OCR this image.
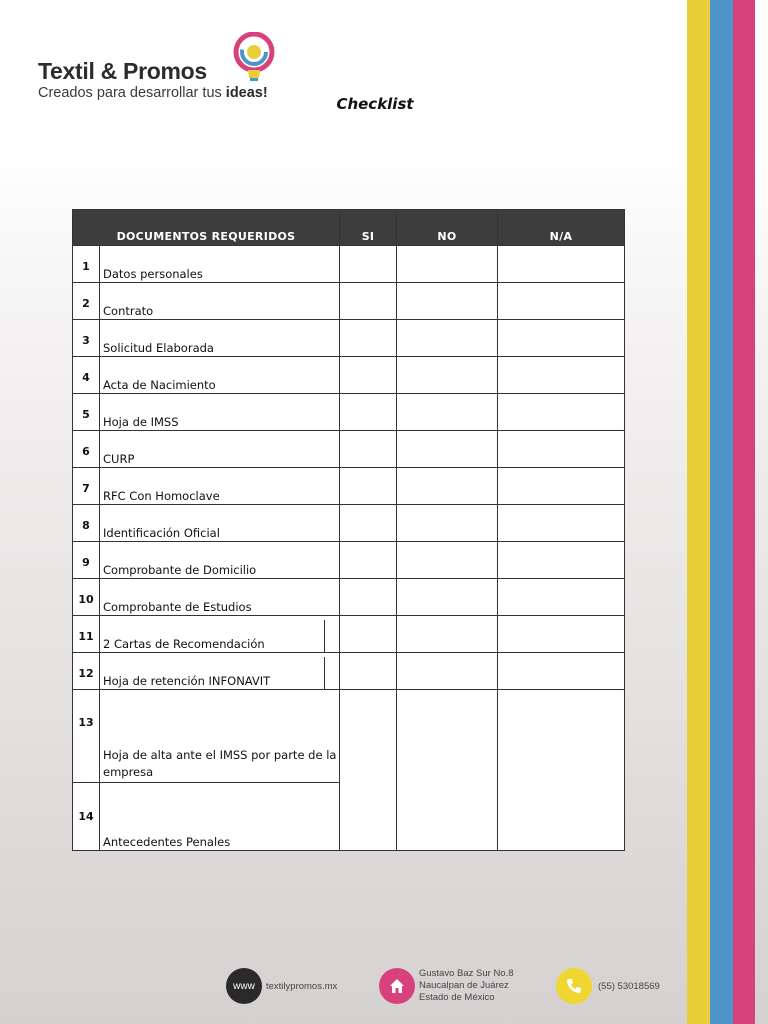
Textil & Promos
Creados para desarrollar tus ideas!
Checklist
DOCUMENTOS REQUERIDOS		SI	NO	N/A
1	Datos personales			
2	Contrato			
3	Solicitud Elaborada			
4	Acta de Nacimiento			
5	Hoja de IMSS			
6	CURP			
7	RFC Con Homoclave			
8	Identificación Oficial			
9	Comprobante de Domicilio			
10	Comprobante de Estudios			
11	2 Cartas de Recomendación			

12	Hoja de retención INFONAVIT			

13	Hoja de alta ante el IMSS por parte de la empresa			
14	Antecedentes Penales			
www	textilypromos.mx
Gustavo Baz Sur No.8
Naucalpan de Juárez
Estado de México
(55) 53018569
